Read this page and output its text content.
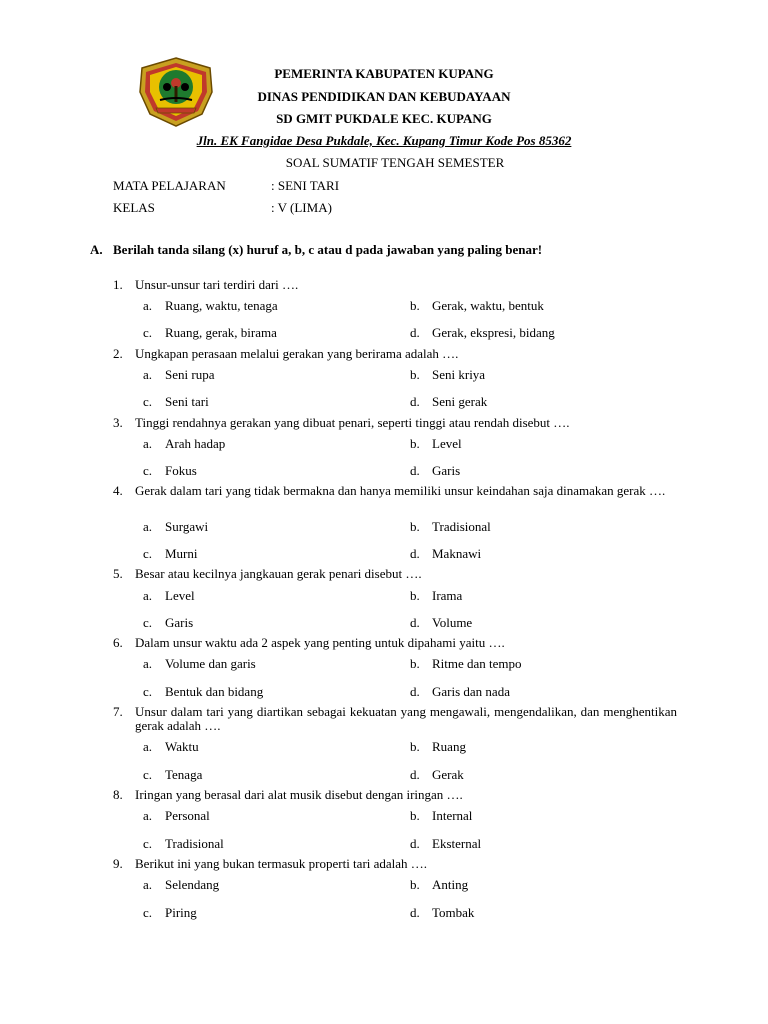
PEMERINTA KABUPATEN KUPANG
DINAS PENDIDIKAN DAN KEBUDAYAAN
SD GMIT PUKDALE KEC. KUPANG
Jln. EK Fangidae Desa Pukdale, Kec. Kupang Timur Kode Pos 85362
SOAL SUMATIF TENGAH SEMESTER
MATA PELAJARAN	: SENI TARI
KELAS	: V (LIMA)
A. Berilah tanda silang (x) huruf a, b, c atau d pada jawaban yang paling benar!
1. Unsur-unsur tari terdiri dari ….
a. Ruang, waktu, tenaga	b. Gerak, waktu, bentuk
c. Ruang, gerak, birama	d. Gerak, ekspresi, bidang
2. Ungkapan perasaan melalui gerakan yang berirama adalah ….
a. Seni rupa	b. Seni kriya
c. Seni tari	d. Seni gerak
3. Tinggi rendahnya gerakan yang dibuat penari, seperti tinggi atau rendah disebut ….
a. Arah hadap	b. Level
c. Fokus	d. Garis
4. Gerak dalam tari yang tidak bermakna dan hanya memiliki unsur keindahan saja dinamakan gerak ….
a. Surgawi	b. Tradisional
c. Murni	d. Maknawi
5. Besar atau kecilnya jangkauan gerak penari disebut ….
a. Level	b. Irama
c. Garis	d. Volume
6. Dalam unsur waktu ada 2 aspek yang penting untuk dipahami yaitu ….
a. Volume dan garis	b. Ritme dan tempo
c. Bentuk dan bidang	d. Garis dan nada
7. Unsur dalam tari yang diartikan sebagai kekuatan yang mengawali, mengendalikan, dan menghentikan gerak adalah ….
a. Waktu	b. Ruang
c. Tenaga	d. Gerak
8. Iringan yang berasal dari alat musik disebut dengan iringan ….
a. Personal	b. Internal
c. Tradisional	d. Eksternal
9. Berikut ini yang bukan termasuk properti tari adalah ….
a. Selendang	b. Anting
c. Piring	d. Tombak
